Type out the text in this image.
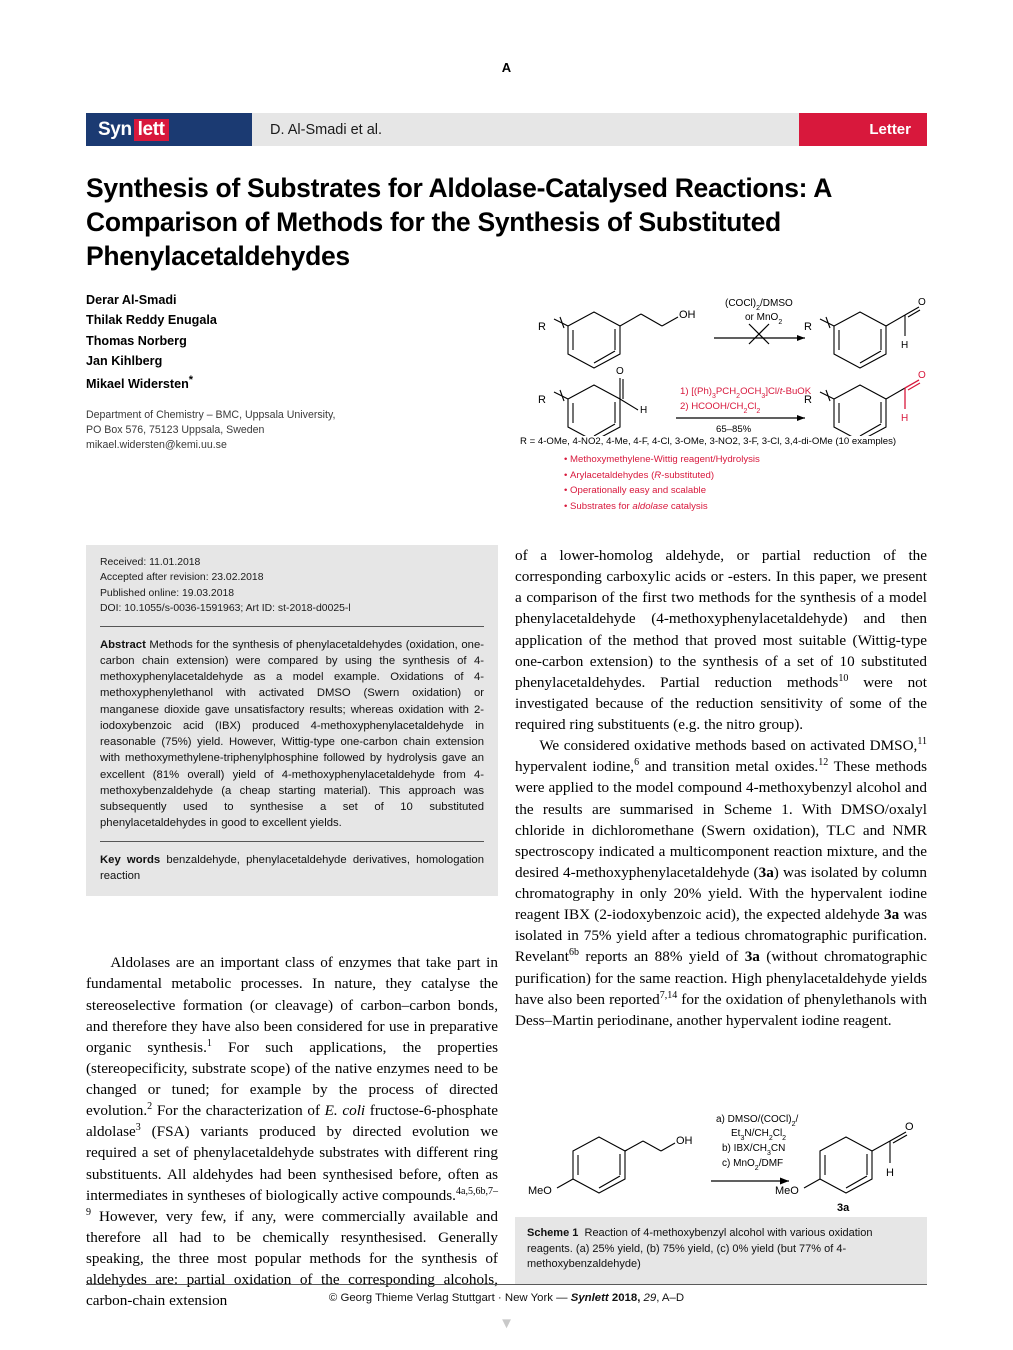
A
Syn lett	D. Al-Smadi et al.	Letter
Synthesis of Substrates for Aldolase-Catalysed Reactions: A Comparison of Methods for the Synthesis of Substituted Phenylacetaldehydes
Derar Al-Smadi
Thilak Reddy Enugala
Thomas Norberg
Jan Kihlberg
Mikael Widersten*
Department of Chemistry – BMC, Uppsala University,
PO Box 576, 75123 Uppsala, Sweden
mikael.widersten@kemi.uu.se
R
OH
$(COCl)_2$/DMSO
or MnO$_2$ R
O
H
R
O
H
1) $[(Ph)_3PCH_2OCH_3]Cl/t$-BuOK
2) HCOOH/$CH_2Cl_2$
65–85%
R
O
H
R = 4-OMe, 4-NO2, 4-Me, 4-F, 4-Cl, 3-OMe, 3-NO2, 3-F, 3-Cl, 3,4-di-OMe (10 examples)
• Methoxymethylene-Wittig reagent/Hydrolysis
• Arylacetaldehydes (R-substituted)
• Operationally easy and scalable
• Substrates for aldolase catalysis
Received: 11.01.2018
Accepted after revision: 23.02.2018
Published online: 19.03.2018
DOI: 10.1055/s-0036-1591963; Art ID: st-2018-d0025-l
Abstract Methods for the synthesis of phenylacetaldehydes (oxidation, one-carbon chain extension) were compared by using the synthesis of 4-methoxyphenylacetaldehyde as a model example. Oxidations of 4-methoxyphenylethanol with activated DMSO (Swern oxidation) or manganese dioxide gave unsatisfactory results; whereas oxidation with 2-iodoxybenzoic acid (IBX) produced 4-methoxyphenylacetaldehyde in reasonable (75%) yield. However, Wittig-type one-carbon chain extension with methoxymethylene-triphenylphosphine followed by hydrolysis gave an excellent (81% overall) yield of 4-methoxyphenylacetaldehyde from 4-methoxybenzaldehyde (a cheap starting material). This approach was subsequently used to synthesise a set of 10 substituted phenylacetaldehydes in good to excellent yields.
Key words benzaldehyde, phenylacetaldehyde derivatives, homologation reaction

Aldolases are an important class of enzymes that take part in fundamental metabolic processes. In nature, they catalyse the stereoselective formation (or cleavage) of carbon–carbon bonds, and therefore they have also been considered for use in preparative organic synthesis.$^1$ For such applications, the properties (stereopecificity, substrate scope) of the native enzymes need to be changed or tuned; for example by the process of directed evolution.$^2$ For the characterization of E. coli fructose-6-phosphate aldolase$^3$ (FSA) variants produced by directed evolution we required a set of phenylacetaldehyde substrates with different ring substituents. All aldehydes had been synthesised before, often as intermediates in syntheses of biologically active compounds.$^{4a,5,6b,7-9}$ However, very few, if any, were commercially available and therefore all had to be chemically resynthesised. Generally speaking, the three most popular methods for the synthesis of aldehydes are: partial oxidation of the corresponding alcohols, carbon-chain extension

of a lower-homolog aldehyde, or partial reduction of the corresponding carboxylic acids or -esters. In this paper, we present a comparison of the first two methods for the synthesis of a model phenylacetaldehyde (4-methoxyphenylacetaldehyde) and then application of the method that proved most suitable (Wittig-type one-carbon extension) to the synthesis of a set of 10 substituted phenylacetaldehydes. Partial reduction methods$^{10}$ were not investigated because of the reduction sensitivity of some of the required ring substituents (e.g. the nitro group).

We considered oxidative methods based on activated DMSO,$^{11}$ hypervalent iodine,$^6$ and transition metal oxides.$^{12}$ These methods were applied to the model compound 4-methoxybenzyl alcohol and the results are summarised in Scheme 1. With DMSO/oxalyl chloride in dichloromethane (Swern oxidation), TLC and NMR spectroscopy indicated a multicomponent reaction mixture, and the desired 4-methoxyphenylacetaldehyde (3a) was isolated by column chromatography in only 20% yield. With the hypervalent iodine reagent IBX (2-iodoxybenzoic acid), the expected aldehyde 3a was isolated in 75% yield after a tedious chromatographic purification. Revelant$^{6b}$ reports an 88% yield of 3a (without chromatographic purification) for the same reaction. High phenylacetaldehyde yields have also been reported$^{7,14}$ for the oxidation of phenylethanols with Dess–Martin periodinane, another hypervalent iodine reagent.

MeO
OH
a) DMSO/$(COCl)_2/$
$Et_3N/CH_2Cl_2$
b) IBX/$CH_3CN$
c) MnO$_2$/DMF
MeO
O
H
3a
Scheme 1 Reaction of 4-methoxybenzyl alcohol with various oxidation reagents. (a) 25% yield, (b) 75% yield, (c) 0% yield (but 77% of 4-methoxybenzaldehyde)
© Georg Thieme Verlag Stuttgart · New York — Synlett 2018, 29, A–D
▼
